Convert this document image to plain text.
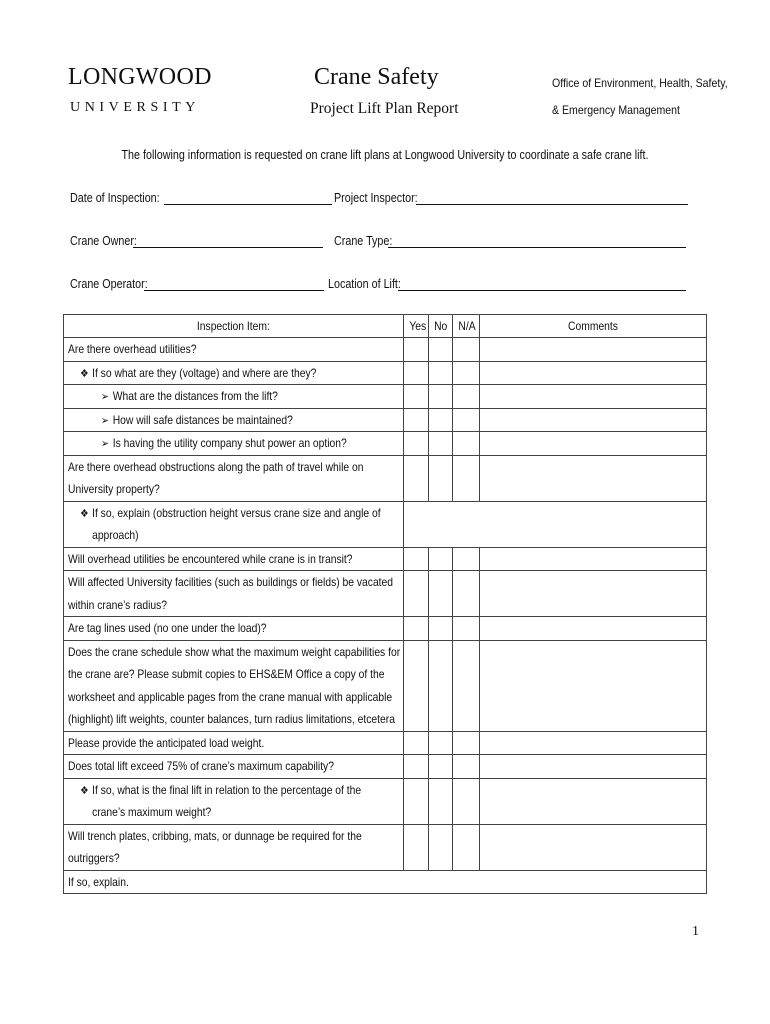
LONGWOOD
UNIVERSITY
Crane Safety
Project Lift Plan Report
Office of Environment, Health, Safety,
& Emergency Management
The following information is requested on crane lift plans at Longwood University to coordinate a safe crane lift.
Date of Inspection:	Project Inspector:
Crane Owner:	Crane Type:
Crane Operator:	Location of Lift:
Inspection Item:	Yes	No	N/A	Comments

Are there overhead utilities?				

❖ If so what are they (voltage) and where are they?				

➢ What are the distances from the lift?				

➢ How will safe distances be maintained?				

➢ Is having the utility company shut power an option?				

Are there overhead obstructions along the path of travel while on
University property?				

❖ If so, explain (obstruction height versus crane size and angle of
approach)				

Will overhead utilities be encountered while crane is in transit?				

Will affected University facilities (such as buildings or fields) be vacated
within crane’s radius?				

Are tag lines used (no one under the load)?				

Does the crane schedule show what the maximum weight capabilities for
the crane are? Please submit copies to EHS&EM Office a copy of the
worksheet and applicable pages from the crane manual with applicable
(highlight) lift weights, counter balances, turn radius limitations, etcetera				

Please provide the anticipated load weight.				

Does total lift exceed 75% of crane’s maximum capability?				

❖ If so, what is the final lift in relation to the percentage of the
crane’s maximum weight?				

Will trench plates, cribbing, mats, or dunnage be required for the
outriggers?				

If so, explain.				
1
